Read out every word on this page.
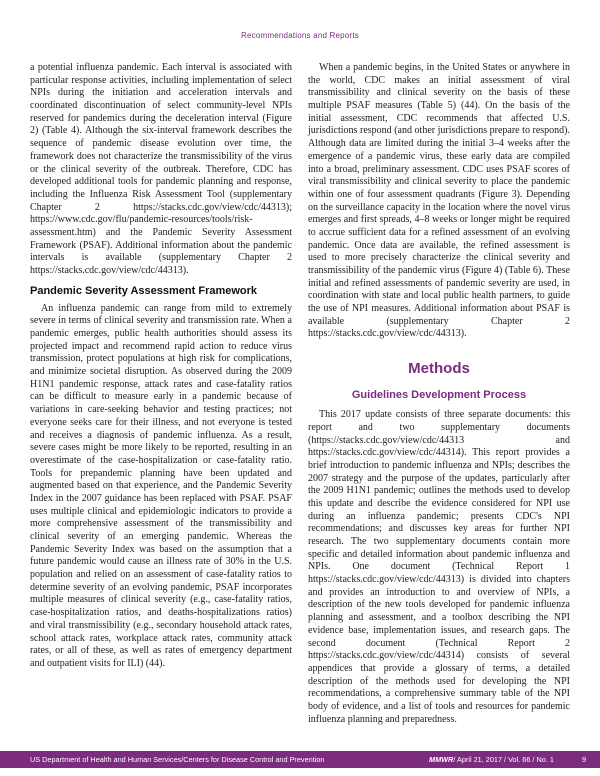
Recommendations and Reports

a potential influenza pandemic. Each interval is associated with particular response activities, including implementation of select NPIs during the initiation and acceleration intervals and coordinated discontinuation of select community-level NPIs reserved for pandemics during the deceleration interval (Figure 2) (Table 4). Although the six-interval framework describes the sequence of pandemic disease evolution over time, the framework does not characterize the transmissibility of the virus or the clinical severity of the outbreak. Therefore, CDC has developed additional tools for pandemic planning and response, including the Influenza Risk Assessment Tool (supplementary Chapter 2 https://stacks.cdc.gov/view/cdc/44313); https://www.cdc.gov/flu/pandemic-resources/tools/risk-assessment.htm) and the Pandemic Severity Assessment Framework (PSAF). Additional information about the pandemic intervals is available (supplementary Chapter 2 https://stacks.cdc.gov/view/cdc/44313).

Pandemic Severity Assessment Framework

An influenza pandemic can range from mild to extremely severe in terms of clinical severity and transmission rate. When a pandemic emerges, public health authorities should assess its projected impact and recommend rapid action to reduce virus transmission, protect populations at high risk for complications, and minimize societal disruption. As observed during the 2009 H1N1 pandemic response, attack rates and case-fatality ratios can be difficult to measure early in a pandemic because of variations in care-seeking behavior and testing practices; not everyone seeks care for their illness, and not everyone is tested and receives a diagnosis of pandemic influenza. As a result, severe cases might be more likely to be reported, resulting in an overestimate of the case-hospitalization or case-fatality ratio. Tools for prepandemic planning have been updated and augmented based on that experience, and the Pandemic Severity Index in the 2007 guidance has been replaced with PSAF. PSAF uses multiple clinical and epidemiologic indicators to provide a more comprehensive assessment of the transmissibility and clinical severity of an emerging pandemic. Whereas the Pandemic Severity Index was based on the assumption that a future pandemic would cause an illness rate of 30% in the U.S. population and relied on an assessment of case-fatality ratios to determine severity of an evolving pandemic, PSAF incorporates multiple measures of clinical severity (e.g., case-fatality ratios, case-hospitalization ratios, and deaths-hospitalizations ratios) and viral transmissibility (e.g., secondary household attack rates, school attack rates, workplace attack rates, community attack rates, or all of these, as well as rates of emergency department and outpatient visits for ILI) (44).

When a pandemic begins, in the United States or anywhere in the world, CDC makes an initial assessment of viral transmissibility and clinical severity on the basis of these multiple PSAF measures (Table 5) (44). On the basis of the initial assessment, CDC recommends that affected U.S. jurisdictions respond (and other jurisdictions prepare to respond). Although data are limited during the initial 3–4 weeks after the emergence of a pandemic virus, these early data are compiled into a broad, preliminary assessment. CDC uses PSAF scores of viral transmissibility and clinical severity to place the pandemic within one of four assessment quadrants (Figure 3). Depending on the surveillance capacity in the location where the novel virus emerges and first spreads, 4–8 weeks or longer might be required to accrue sufficient data for a refined assessment of an evolving pandemic. Once data are available, the refined assessment is used to more precisely characterize the clinical severity and transmissibility of the pandemic virus (Figure 4) (Table 6). These initial and refined assessments of pandemic severity are used, in coordination with state and local public health partners, to guide the use of NPI measures. Additional information about PSAF is available (supplementary Chapter 2 https://stacks.cdc.gov/view/cdc/44313).

Methods
Guidelines Development Process

This 2017 update consists of three separate documents: this report and two supplementary documents (https://stacks.cdc.gov/view/cdc/44313 and https://stacks.cdc.gov/view/cdc/44314). This report provides a brief introduction to pandemic influenza and NPIs; describes the 2007 strategy and the purpose of the updates, particularly after the 2009 H1N1 pandemic; outlines the methods used to develop this update and describe the evidence considered for NPI use during an influenza pandemic; presents CDC's NPI recommendations; and discusses key areas for further NPI research. The two supplementary documents contain more specific and detailed information about pandemic influenza and NPIs. One document (Technical Report 1 https://stacks.cdc.gov/view/cdc/44313) is divided into chapters and provides an introduction to and overview of NPIs, a description of the new tools developed for pandemic influenza planning and assessment, and a toolbox describing the NPI evidence base, implementation issues, and research gaps. The second document (Technical Report 2 https://stacks.cdc.gov/view/cdc/44314) consists of several appendices that provide a glossary of terms, a detailed description of the methods used for developing the NPI recommendations, a comprehensive summary table of the NPI body of evidence, and a list of tools and resources for pandemic influenza planning and preparedness.

US Department of Health and Human Services/Centers for Disease Control and Prevention	MMWR / April 21, 2017 / Vol. 66 / No. 1	9
